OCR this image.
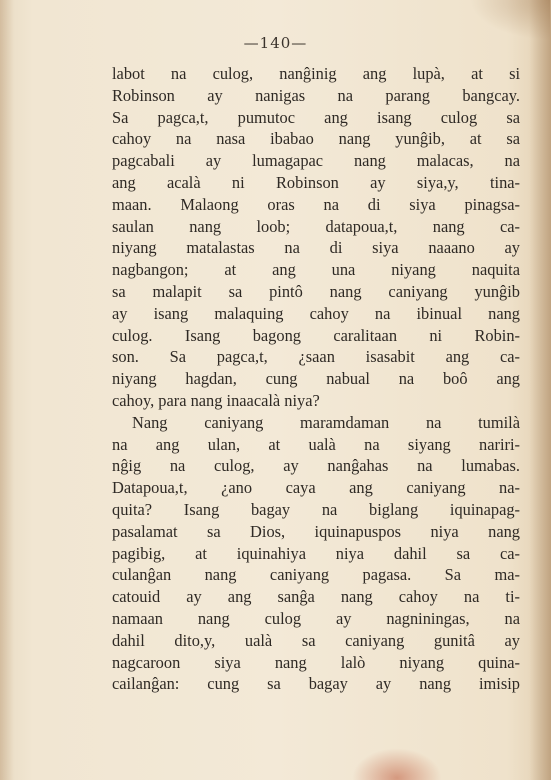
—140—
labot na culog, nanĝinig ang lupà, at si
Robinson ay nanigas na parang bangcay.
Sa pagca,t, pumutoc ang isang culog sa
cahoy na nasa ibabao nang yunĝib, at sa
pagcabali ay lumagapac nang malacas, na
ang acalà ni Robinson ay siya,y, tina-
maan. Malaong oras na di siya pinagsa-
saulan nang loob; datapoua,t, nang ca-
niyang matalastas na di siya naaano ay
nagbangon; at ang una niyang naquita
sa malapit sa pintô nang caniyang yunĝib
ay isang malaquing cahoy na ibinual nang
culog. Isang bagong caralitaan ni Robin-
son. Sa pagca,t, ¿saan isasabit ang ca-
niyang hagdan, cung nabual na boô ang
cahoy, para nang inaacalà niya?
Nang caniyang maramdaman na tumilà
na ang ulan, at ualà na siyang nariri-
nĝig na culog, ay nanĝahas na lumabas.
Datapoua,t, ¿ano caya ang caniyang na-
quita? Isang bagay na biglang iquinapag-
pasalamat sa Dios, iquinapuspos niya nang
pagibig, at iquinahiya niya dahil sa ca-
culanĝan nang caniyang pagasa. Sa ma-
catouid ay ang sanĝa nang cahoy na ti-
namaan nang culog ay nagniningas, na
dahil dito,y, ualà sa caniyang gunitâ ay
nagcaroon siya nang lalò niyang quina-
cailanĝan: cung sa bagay ay nang imisip
